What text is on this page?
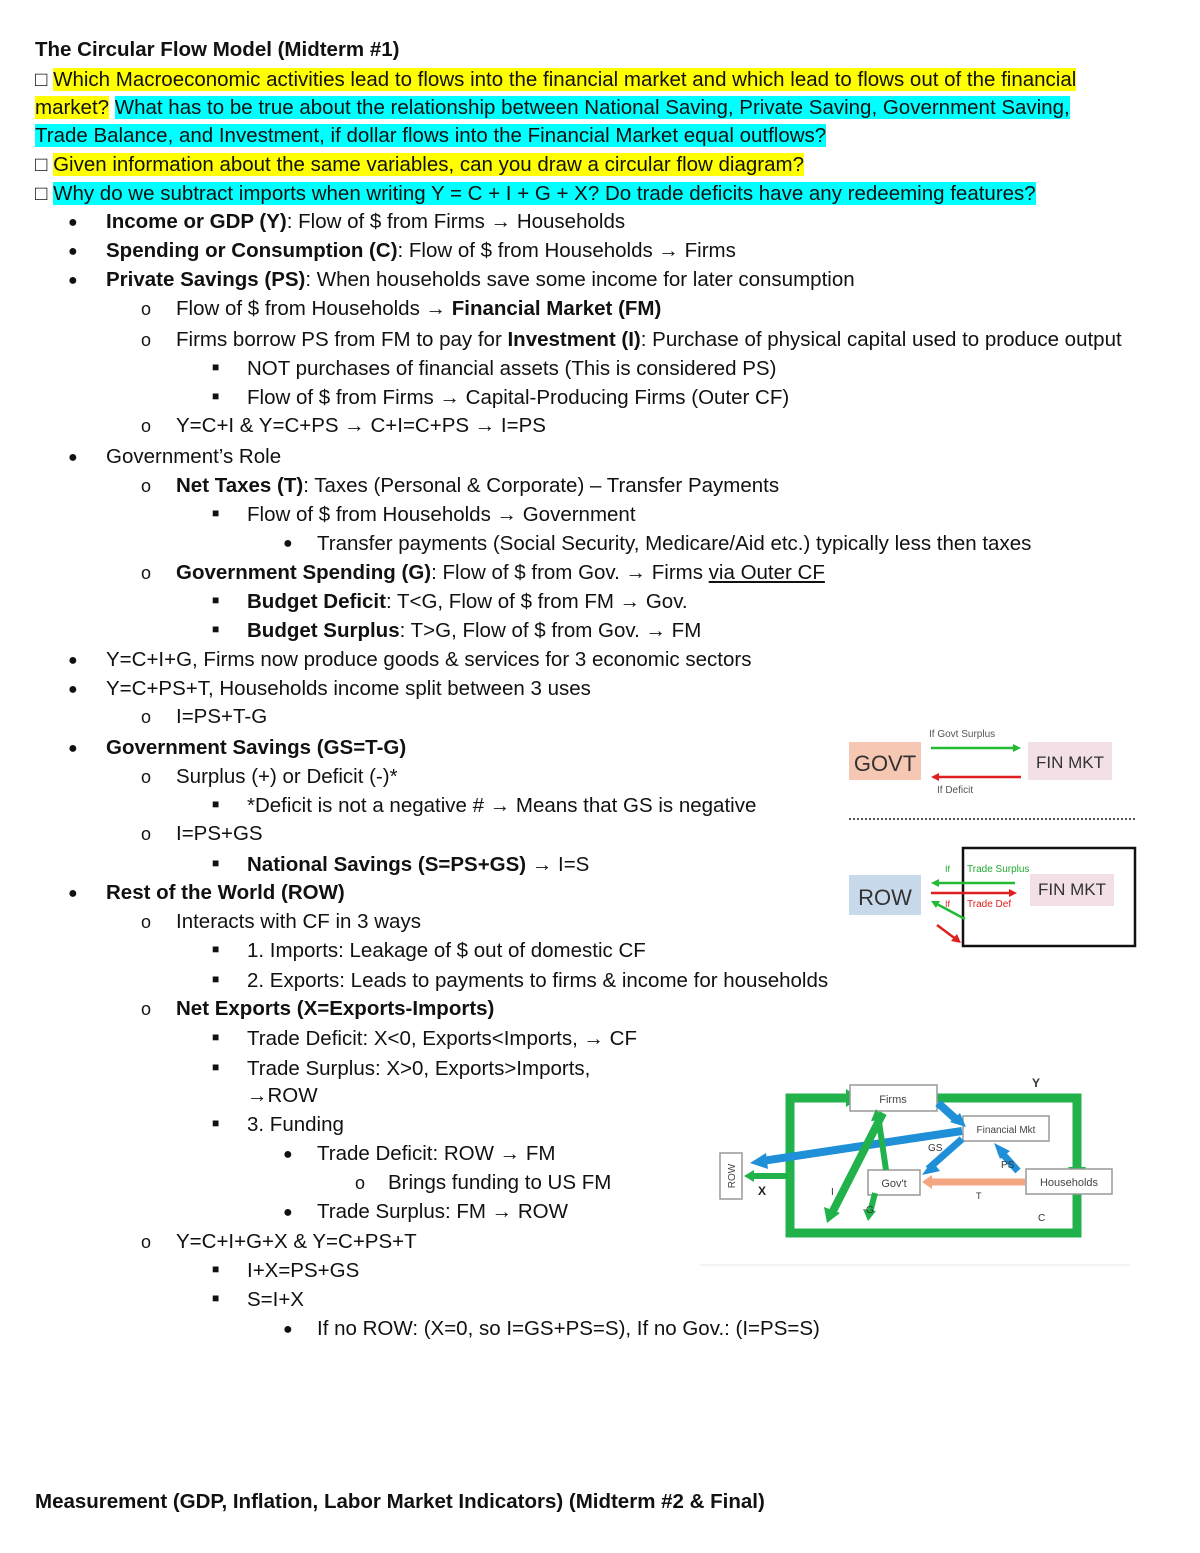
The Circular Flow Model (Midterm #1)
□ Which Macroeconomic activities lead to flows into the financial market and which lead to flows out of the financial
market? What has to be true about the relationship between National Saving, Private Saving, Government Saving,
Trade Balance, and Investment, if dollar flows into the Financial Market equal outflows?
□ Given information about the same variables, can you draw a circular flow diagram?
□ Why do we subtract imports when writing Y = C + I + G + X? Do trade deficits have any redeeming features?
● Income or GDP (Y): Flow of $ from Firms → Households
● Spending or Consumption (C): Flow of $ from Households → Firms
● Private Savings (PS): When households save some income for later consumption
o Flow of $ from Households → Financial Market (FM)
o Firms borrow PS from FM to pay for Investment (I): Purchase of physical capital used to produce output
■ NOT purchases of financial assets (This is considered PS)
■ Flow of $ from Firms → Capital-Producing Firms (Outer CF)
o Y=C+I & Y=C+PS → C+I=C+PS → I=PS
● Government’s Role
o Net Taxes (T): Taxes (Personal & Corporate) – Transfer Payments
■ Flow of $ from Households → Government
● Transfer payments (Social Security, Medicare/Aid etc.) typically less then taxes
o Government Spending (G): Flow of $ from Gov. → Firms via Outer CF
■ Budget Deficit: T<G, Flow of $ from FM → Gov.
■ Budget Surplus: T>G, Flow of $ from Gov. → FM
● Y=C+I+G, Firms now produce goods & services for 3 economic sectors
● Y=C+PS+T, Households income split between 3 uses
o I=PS+T-G
● Government Savings (GS=T-G)
o Surplus (+) or Deficit (-)*
■ *Deficit is not a negative # → Means that GS is negative
o I=PS+GS
■ National Savings (S=PS+GS) → I=S
● Rest of the World (ROW)
o Interacts with CF in 3 ways
■ 1. Imports: Leakage of $ out of domestic CF
■ 2. Exports: Leads to payments to firms & income for households
o Net Exports (X=Exports-Imports)
■ Trade Deficit: X<0, Exports<Imports, → CF
■ Trade Surplus: X>0, Exports>Imports,
→ROW
■ 3. Funding
● Trade Deficit: ROW → FM
o Brings funding to US FM
● Trade Surplus: FM → ROW
o Y=C+I+G+X & Y=C+PS+T
■ I+X=PS+GS
■ S=I+X
● If no ROW: (X=0, so I=GS+PS=S), If no Gov.: (I=PS=S)
Measurement (GDP, Inflation, Labor Market Indicators) (Midterm #2 & Final)
GOVT	FIN MKT
If Govt Surplus
If Deficit
ROW	FIN MKT
If Trade Surplus
If Trade Def
Y
C
Firms
Financial Mkt
Gov't	Households
ROW	PS
GS
I
G
X	T
